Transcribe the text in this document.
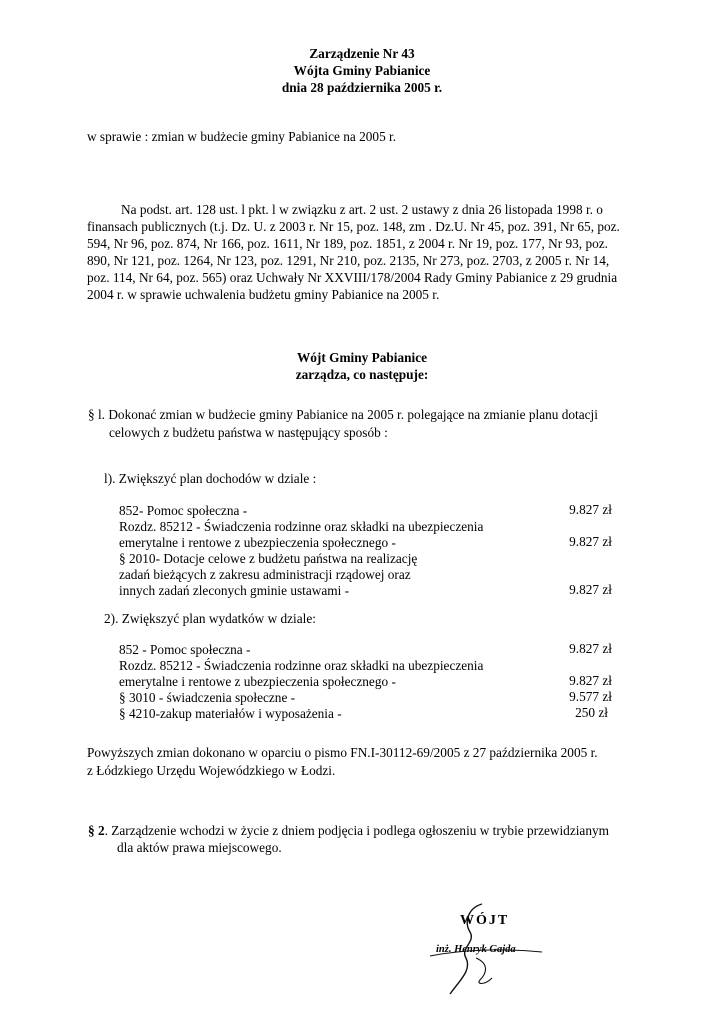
Zarządzenie Nr 43
Wójta Gminy Pabianice
dnia 28 października 2005 r.
w sprawie : zmian w budżecie gminy Pabianice na 2005 r.
Na podst. art. 128 ust. l pkt. l w związku z art. 2 ust. 2 ustawy z dnia 26 listopada 1998 r. o
finansach publicznych (t.j. Dz. U. z 2003 r. Nr 15, poz. 148, zm . Dz.U. Nr 45, poz. 391, Nr 65, poz.
594, Nr 96, poz. 874, Nr 166, poz. 1611, Nr 189, poz. 1851, z 2004 r. Nr 19, poz. 177, Nr 93, poz.
890, Nr 121, poz. 1264, Nr 123, poz. 1291, Nr 210, poz. 2135, Nr 273, poz. 2703, z 2005 r. Nr 14,
poz. 114, Nr 64, poz. 565) oraz Uchwały Nr XXVIII/178/2004 Rady Gminy Pabianice z 29 grudnia
2004 r. w sprawie uchwalenia budżetu gminy Pabianice na 2005 r.
Wójt Gminy Pabianice
zarządza, co następuje:
§ l. Dokonać zmian w budżecie gminy Pabianice na 2005 r. polegające na zmianie planu dotacji
celowych z budżetu państwa w następujący sposób :
l). Zwiększyć plan dochodów w dziale :
852- Pomoc społeczna -	9.827 zł
Rozdz. 85212 - Świadczenia rodzinne oraz składki na ubezpieczenia
emerytalne i rentowe z ubezpieczenia społecznego -	9.827 zł
§ 2010- Dotacje celowe z budżetu państwa na realizację
zadań bieżących z zakresu administracji rządowej oraz
innych zadań zleconych gminie ustawami -	9.827 zł
2). Zwiększyć plan wydatków w dziale:
852 - Pomoc społeczna -	9.827 zł
Rozdz. 85212 - Świadczenia rodzinne oraz składki na ubezpieczenia
emerytalne i rentowe z ubezpieczenia społecznego -	9.827 zł
§ 3010 - świadczenia społeczne -	9.577 zł
§ 4210-zakup materiałów i wyposażenia -	250 zł
Powyższych zmian dokonano w oparciu o pismo FN.I-30112-69/2005 z 27 października 2005 r.
z Łódzkiego Urzędu Wojewódzkiego w Łodzi.
§ 2. Zarządzenie wchodzi w życie z dniem podjęcia i podlega ogłoszeniu w trybie przewidzianym
dla aktów prawa miejscowego.
WÓJT
inż. Henryk Gajda
